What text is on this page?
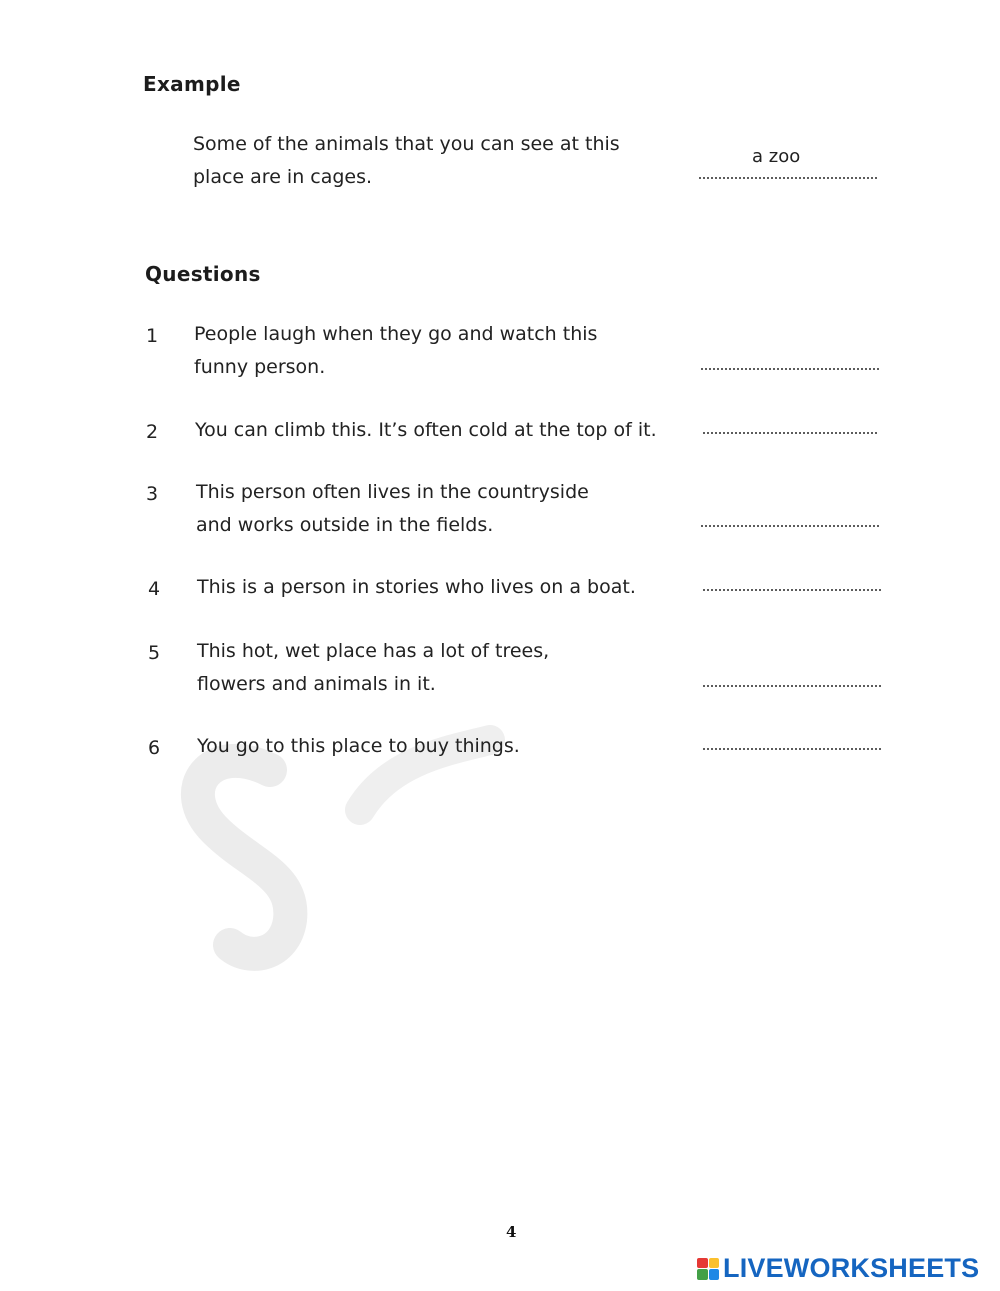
Example
Some of the animals that you can see at this
place are in cages.
a zoo
Questions
1 People laugh when they go and watch this
funny person.
2 You can climb this. It’s often cold at the top of it.
3 This person often lives in the countryside
and works outside in the fields.
4 This is a person in stories who lives on a boat.
5 This hot, wet place has a lot of trees,
flowers and animals in it.
6 You go to this place to buy things.
4
LIVEWORKSHEETS
